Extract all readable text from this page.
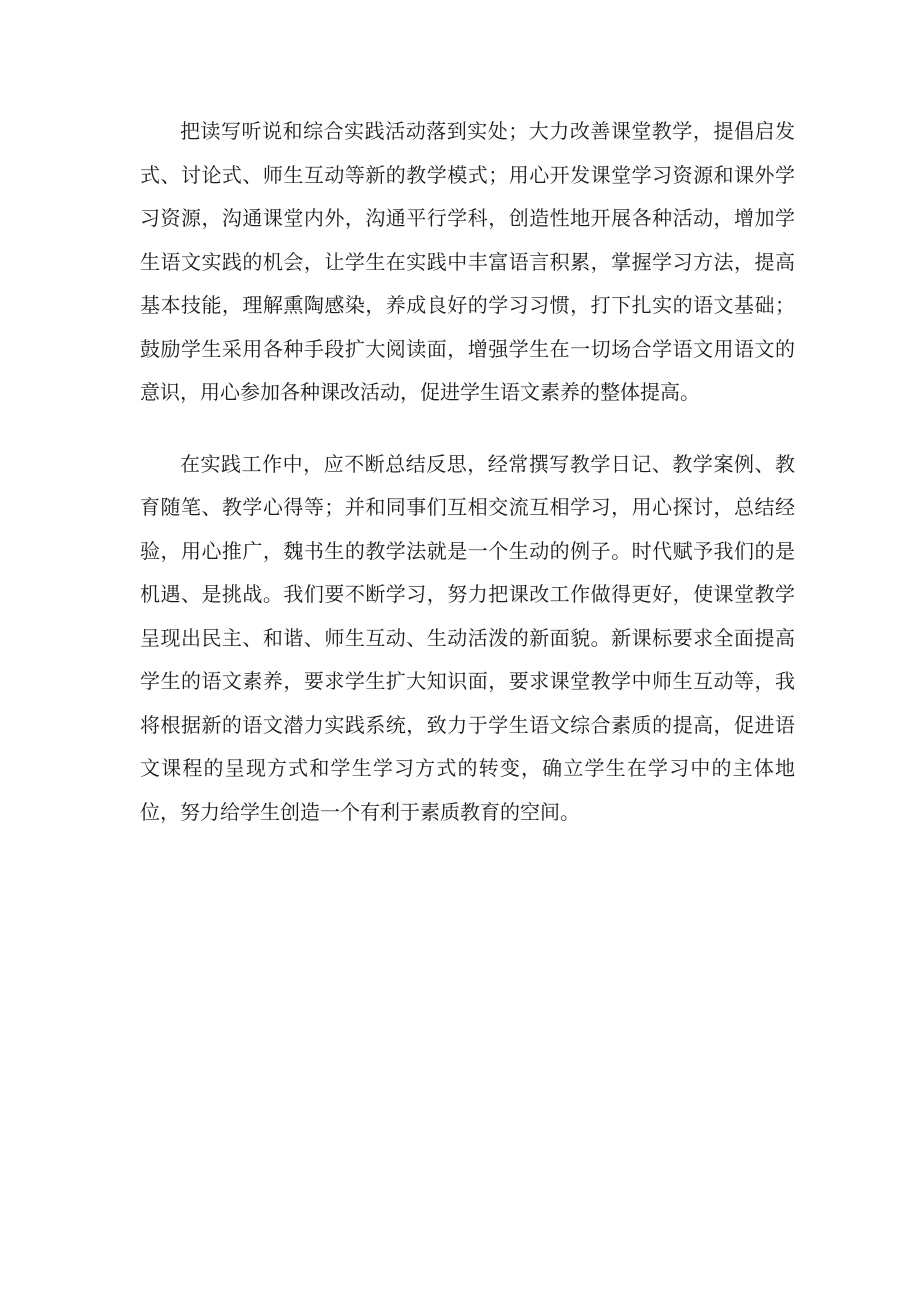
把读写听说和综合实践活动落到实处；大力改善课堂教学，提倡启发式、讨论式、师生互动等新的教学模式；用心开发课堂学习资源和课外学习资源，沟通课堂内外，沟通平行学科，创造性地开展各种活动，增加学生语文实践的机会，让学生在实践中丰富语言积累，掌握学习方法，提高基本技能，理解熏陶感染，养成良好的学习习惯，打下扎实的语文基础；鼓励学生采用各种手段扩大阅读面，增强学生在一切场合学语文用语文的意识，用心参加各种课改活动，促进学生语文素养的整体提高。

在实践工作中，应不断总结反思，经常撰写教学日记、教学案例、教育随笔、教学心得等；并和同事们互相交流互相学习，用心探讨，总结经验，用心推广，魏书生的教学法就是一个生动的例子。时代赋予我们的是机遇、是挑战。我们要不断学习，努力把课改工作做得更好，使课堂教学呈现出民主、和谐、师生互动、生动活泼的新面貌。新课标要求全面提高学生的语文素养，要求学生扩大知识面，要求课堂教学中师生互动等，我将根据新的语文潜力实践系统，致力于学生语文综合素质的提高，促进语文课程的呈现方式和学生学习方式的转变，确立学生在学习中的主体地位，努力给学生创造一个有利于素质教育的空间。
